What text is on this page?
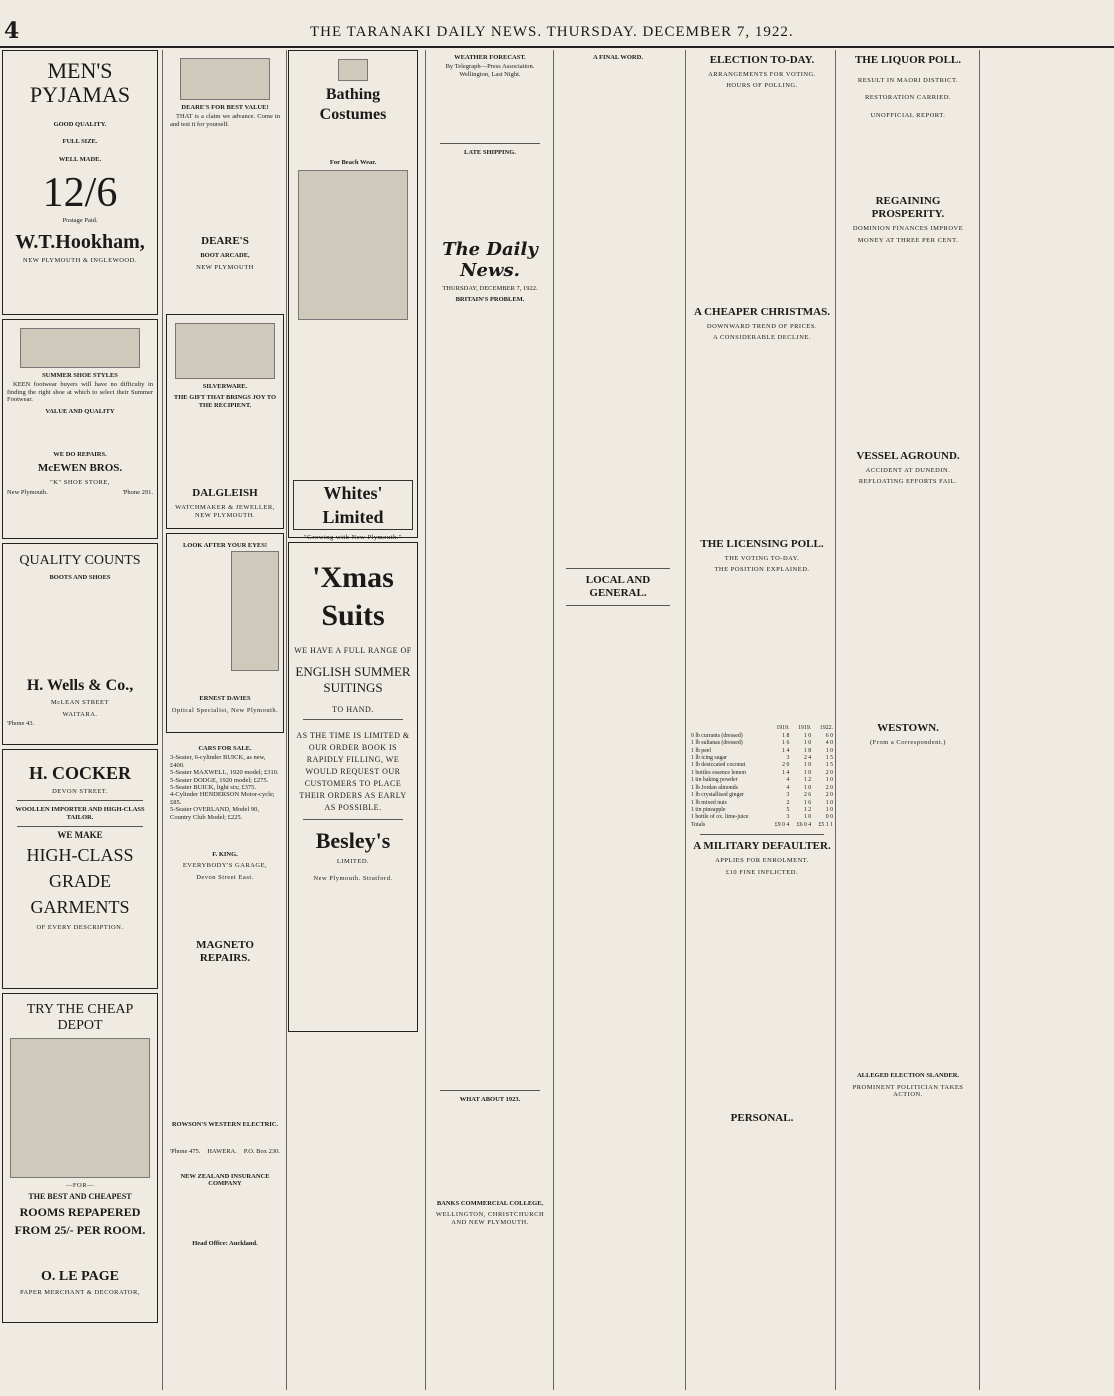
4	THE TARANAKI DAILY NEWS. THURSDAY. DECEMBER 7, 1922.
MEN'S PYJAMAS
GOOD QUALITY.
FULL SIZE.
WELL MADE.
12/6
Postage Paid.
W.T.Hookham,
NEW PLYMOUTH & INGLEWOOD.
SUMMER SHOE STYLES
KEEN footwear buyers will have no difficulty in finding the right shoe at which to select their Summer Footwear.
VALUE AND QUALITY
WE DO REPAIRS.
McEWEN BROS.
"K" SHOE STORE,
New Plymouth.	'Phone 291.
QUALITY COUNTS
BOOTS AND SHOES
H. Wells & Co.,
McLEAN STREET
WAITARA.
'Phone 43.
H. COCKER
DEVON STREET.
WOOLLEN IMPORTER AND HIGH-CLASS TAILOR.
WE MAKE
HIGH-CLASS
GRADE
GARMENTS
OF EVERY DESCRIPTION.
TRY THE CHEAP DEPOT
—FOR—
THE BEST AND CHEAPEST
ROOMS REPAPERED
FROM 25/- PER ROOM.
O. LE PAGE
PAPER MERCHANT & DECORATOR,
DEARE'S FOR BEST VALUE!
THAT is a claim we advance. Come in and test it for yourself.
DEARE'S
BOOT ARCADE,
NEW PLYMOUTH
SILVERWARE.
THE GIFT THAT BRINGS JOY TO THE RECIPIENT.
DALGLEISH
WATCHMAKER & JEWELLER, NEW PLYMOUTH.
LOOK AFTER YOUR EYES!
ERNEST DAVIES
Optical Specialist, New Plymouth.
CARS FOR SALE.
3-Seater, 6-cylinder BUICK, as new, £400.
5-Seater MAXWELL, 1920 model; £310.
5-Seater DODGE, 1920 model; £275.
5-Seater BUICK, light six; £375.
4-Cylinder HENDERSON Motor-cycle; £85.
5-Seater OVERLAND, Model 90, Country Club Model; £225.
F. KING.
EVERYBODY'S GARAGE,
Devon Street East.
MAGNETO REPAIRS.
ROWSON'S WESTERN ELECTRIC.
'Phone 475. HAWERA. P.O. Box 230.
NEW ZEALAND INSURANCE COMPANY
Head Office: Auckland.
Bathing Costumes
For Beach Wear.
Whites' Limited
"Growing with New Plymouth."
'Xmas
Suits
WE HAVE A FULL RANGE OF
ENGLISH SUMMER SUITINGS
TO HAND.
AS THE TIME IS LIMITED & OUR ORDER BOOK IS RAPIDLY FILLING, WE WOULD REQUEST OUR CUSTOMERS TO PLACE THEIR ORDERS AS EARLY AS POSSIBLE.
Besley's
LIMITED.
New Plymouth. Stratford.
WEATHER FORECAST.
By Telegraph—Press Association.
Wellington, Last Night.
LATE SHIPPING.
The Daily News.
THURSDAY, DECEMBER 7, 1922.
BRITAIN'S PROBLEM.
WHAT ABOUT 1923.
BANKS COMMERCIAL COLLEGE,
WELLINGTON, CHRISTCHURCH AND NEW PLYMOUTH.
A FINAL WORD.
LOCAL AND GENERAL.
ELECTION TO-DAY.
ARRANGEMENTS FOR VOTING.
HOURS OF POLLING.
A CHEAPER CHRISTMAS.
DOWNWARD TREND OF PRICES.
A CONSIDERABLE DECLINE.
THE LICENSING POLL.
THE VOTING TO-DAY.
THE POSITION EXPLAINED.
	1919.	1919.	1922.
0 lb currants (dressed)	1 8	1 0	6 0
1 lb sultanas (dressed)	1 6	1 0	4 0
1 lb peel	1 4	1 8	1 0
1 lb icing sugar	3	2 4	1 5
1 lb desiccated coconut	2 0	1 0	1 5
1 bottles essence lemon	1 4	1 0	2 0
1 tin baking powder	4	1 2	1 0
1 lb Jordan almonds	4	1 0	2 0
1 lb crystallised ginger	3	2 6	2 0
1 lb mixed nuts	2	1 6	1 0
1 tin pineapple	5	1 2	1 0
1 bottle of ox. lime-juice	3	1 0	0 0
Totals	£9 0 4	£6 0 4	£5 1 1
A MILITARY DEFAULTER.
APPLIES FOR ENROLMENT.
£10 FINE INFLICTED.
PERSONAL.
THE LIQUOR POLL.
RESULT IN MAORI DISTRICT.
RESTORATION CARRIED.
UNOFFICIAL REPORT.
REGAINING PROSPERITY.
DOMINION FINANCES IMPROVE
MONEY AT THREE PER CENT.
VESSEL AGROUND.
ACCIDENT AT DUNEDIN.
REFLOATING EFFORTS FAIL.
WESTOWN.
(From a Correspondent.)
ALLEGED ELECTION SLANDER.
PROMINENT POLITICIAN TAKES ACTION.
